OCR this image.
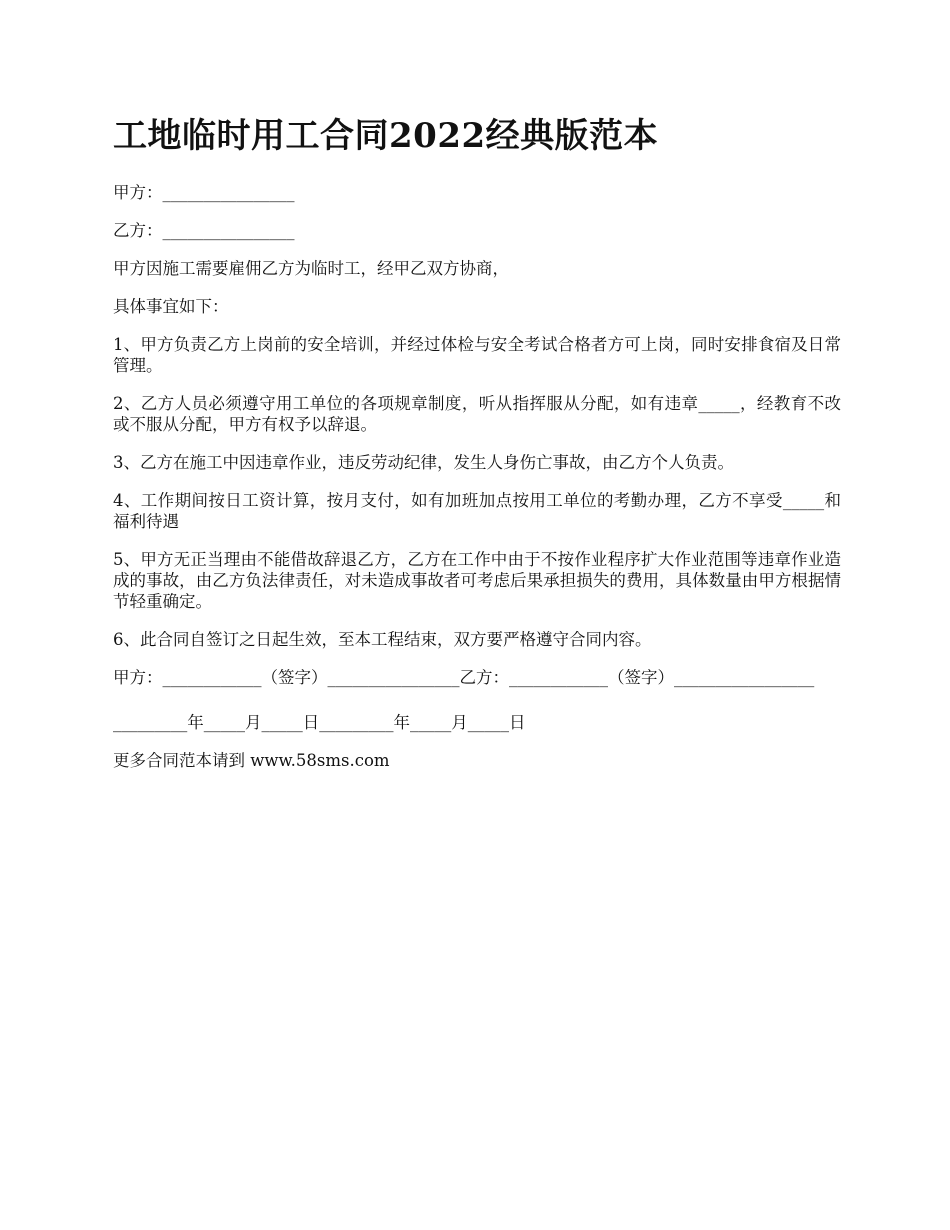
工地临时用工合同2022经典版范本

甲方：________________

乙方：________________

甲方因施工需要雇佣乙方为临时工，经甲乙双方协商，

具体事宜如下：

1、甲方负责乙方上岗前的安全培训，并经过体检与安全考试合格者方可上岗，同时安排食宿及日常管理。

2、乙方人员必须遵守用工单位的各项规章制度，听从指挥服从分配，如有违章_____，经教育不改或不服从分配，甲方有权予以辞退。

3、乙方在施工中因违章作业，违反劳动纪律，发生人身伤亡事故，由乙方个人负责。

4、工作期间按日工资计算，按月支付，如有加班加点按用工单位的考勤办理，乙方不享受_____和福利待遇

5、甲方无正当理由不能借故辞退乙方，乙方在工作中由于不按作业程序扩大作业范围等违章作业造成的事故，由乙方负法律责任，对未造成事故者可考虑后果承担损失的费用，具体数量由甲方根据情节轻重确定。

6、此合同自签订之日起生效，至本工程结束，双方要严格遵守合同内容。

甲方：____________（签字）________________乙方：____________（签字）_________________

_________年_____月_____日_________年_____月_____日

更多合同范本请到 www.58sms.com
